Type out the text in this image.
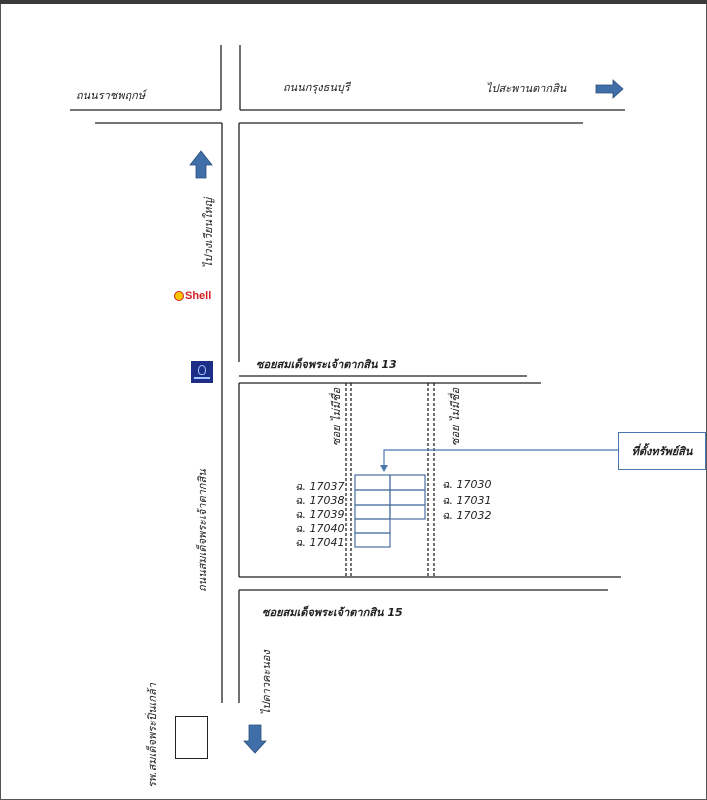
ถนนราชพฤกษ์
ถนนกรุงธนบุรี	ไปสะพานตากสิน
ไปวงเวียนใหญ่
ซอยสมเด็จพระเจ้าตากสิน 13
ซอย ไม่มีชื่อ	ซอย ไม่มีชื่อ
ถนนสมเด็จพระเจ้าตากสิน
ซอยสมเด็จพระเจ้าตากสิน 15
ไปดาวคะนอง
รพ.สมเด็จพระปิ่นเกล้า
ฉ. 17037
ฉ. 17038
ฉ. 17039
ฉ. 17040
ฉ. 17041
ฉ. 17030
ฉ. 17031
ฉ. 17032
ที่ตั้งทรัพย์สิน
Shell
